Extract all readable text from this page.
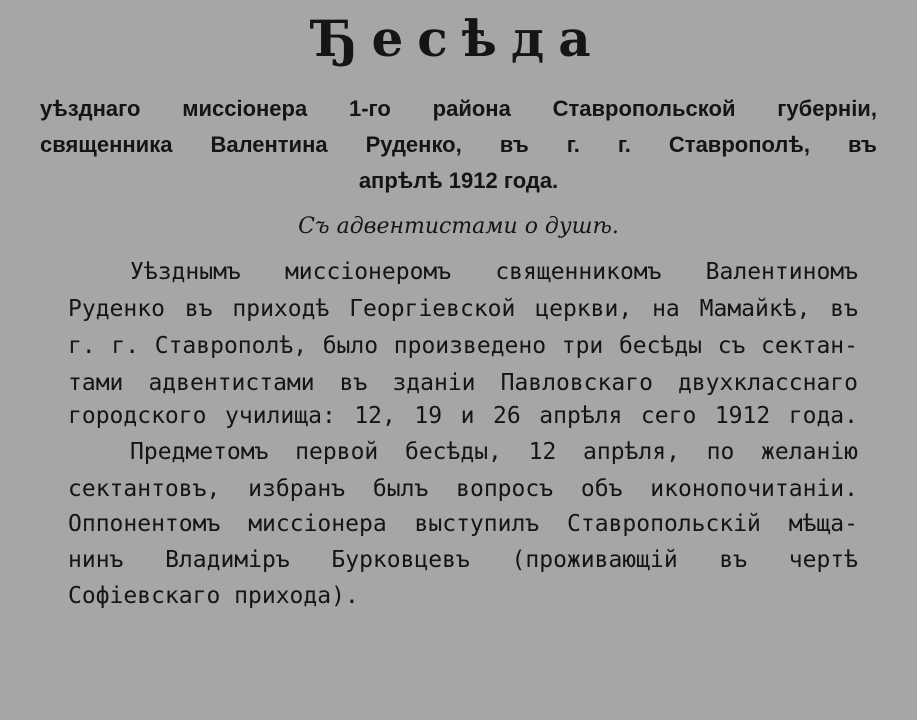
Ђесѣда
уѣзднаго миссіонера 1-го района Ставропольской губерніи,
священника Валентина Руденко, въ г. г. Ставрополѣ, въ
апрѣлѣ 1912 года.
Съ адвентистами о душѣ.
Уѣзднымъ миссіонеромъ священникомъ Валентиномъ
Руденко въ приходѣ Георгіевской церкви, на Мамайкѣ, въ
г. г. Ставрополѣ, было произведено три бесѣды съ сектан-
тами адвентистами въ зданіи Павловскаго двухкласснаго
городского училища: 12, 19 и 26 апрѣля сего 1912 года.
Предметомъ первой бесѣды, 12 апрѣля, по желанію
сектантовъ, избранъ былъ вопросъ объ иконопочитаніи.
Оппонентомъ миссіонера выступилъ Ставропольскій мѣща-
нинъ Владиміръ Бурковцевъ (проживающій въ чертѣ
Софіевскаго прихода).
